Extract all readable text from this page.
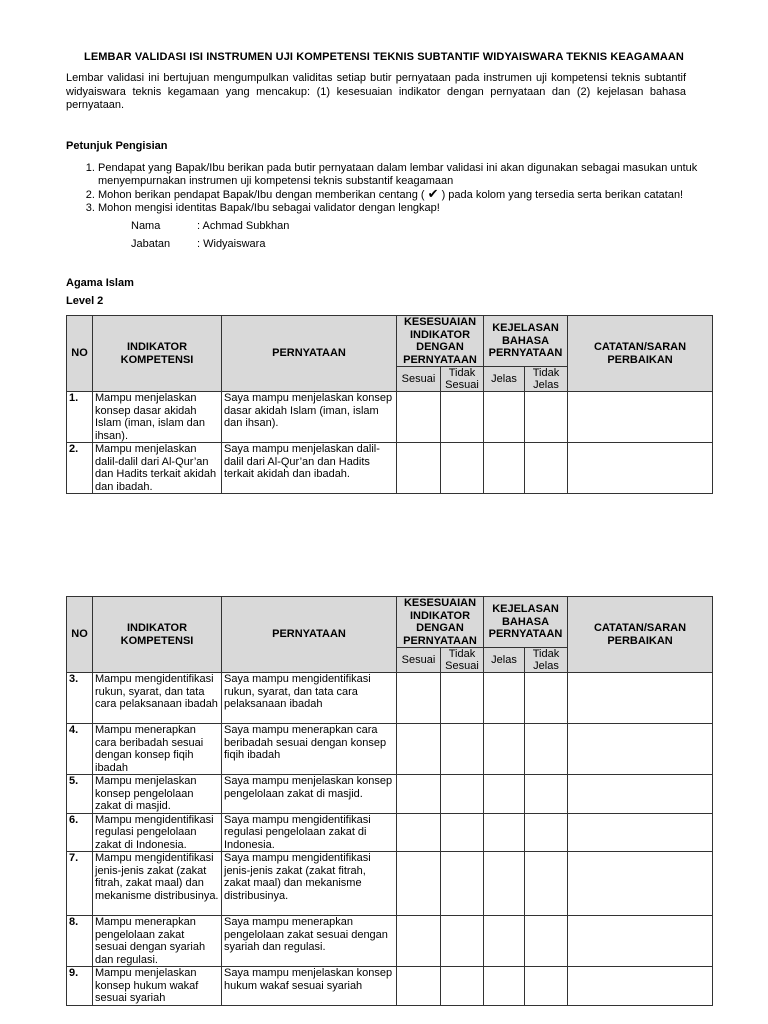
LEMBAR VALIDASI ISI INSTRUMEN UJI KOMPETENSI TEKNIS SUBTANTIF WIDYAISWARA TEKNIS KEAGAMAAN
Lembar validasi ini bertujuan mengumpulkan validitas setiap butir pernyataan pada instrumen uji kompetensi teknis subtantif widyaiswara teknis kegamaan yang mencakup: (1) kesesuaian indikator dengan pernyataan dan (2) kejelasan bahasa pernyataan.
Petunjuk Pengisian
1. Pendapat yang Bapak/Ibu berikan pada butir pernyataan dalam lembar validasi ini akan digunakan sebagai masukan untuk menyempurnakan instrumen uji kompetensi teknis substantif keagamaan
2. Mohon berikan pendapat Bapak/Ibu dengan memberikan centang ( ✔ ) pada kolom yang tersedia serta berikan catatan!
3. Mohon mengisi identitas Bapak/Ibu sebagai validator dengan lengkap!
Nama	: Achmad Subkhan
Jabatan : Widyaiswara
Agama Islam
Level 2
NO	INDIKATOR KOMPETENSI	PERNYATAAN	KESESUAIAN INDIKATOR DENGAN PERNYATAAN		KEJELASAN BAHASA PERNYATAAN		CATATAN/SARAN PERBAIKAN
			Sesuai	Tidak Sesuai	Jelas	Tidak Jelas	
1.	Mampu menjelaskan konsep dasar akidah Islam (iman, islam dan ihsan).	Saya mampu menjelaskan konsep dasar akidah Islam (iman, islam dan ihsan).					
2.	Mampu menjelaskan dalil-dalil dari Al-Qur’an dan Hadits terkait akidah dan ibadah.	Saya mampu menjelaskan dalil-dalil dari Al-Qur’an dan Hadits terkait akidah dan ibadah.					
NO	INDIKATOR KOMPETENSI	PERNYATAAN	KESESUAIAN INDIKATOR DENGAN PERNYATAAN		KEJELASAN BAHASA PERNYATAAN		CATATAN/SARAN PERBAIKAN
			Sesuai	Tidak Sesuai	Jelas	Tidak Jelas	
3.	Mampu mengidentifikasi rukun, syarat, dan tata cara pelaksanaan ibadah	Saya mampu mengidentifikasi rukun, syarat, dan tata cara pelaksanaan ibadah					
4.	Mampu menerapkan cara beribadah sesuai dengan konsep fiqih ibadah	Saya mampu menerapkan cara beribadah sesuai dengan konsep fiqih ibadah					
5.	Mampu menjelaskan konsep pengelolaan zakat di masjid.	Saya mampu menjelaskan konsep pengelolaan zakat di masjid.					
6.	Mampu mengidentifikasi regulasi pengelolaan zakat di Indonesia.	Saya mampu mengidentifikasi regulasi pengelolaan zakat di Indonesia.					
7.	Mampu mengidentifikasi jenis-jenis zakat (zakat fitrah, zakat maal) dan mekanisme distribusinya.	Saya mampu mengidentifikasi jenis-jenis zakat (zakat fitrah, zakat maal) dan mekanisme distribusinya.					
8.	Mampu menerapkan pengelolaan zakat sesuai dengan syariah dan regulasi.	Saya mampu menerapkan pengelolaan zakat sesuai dengan syariah dan regulasi.					
9.	Mampu menjelaskan konsep hukum wakaf sesuai syariah	Saya mampu menjelaskan konsep hukum wakaf sesuai syariah					
